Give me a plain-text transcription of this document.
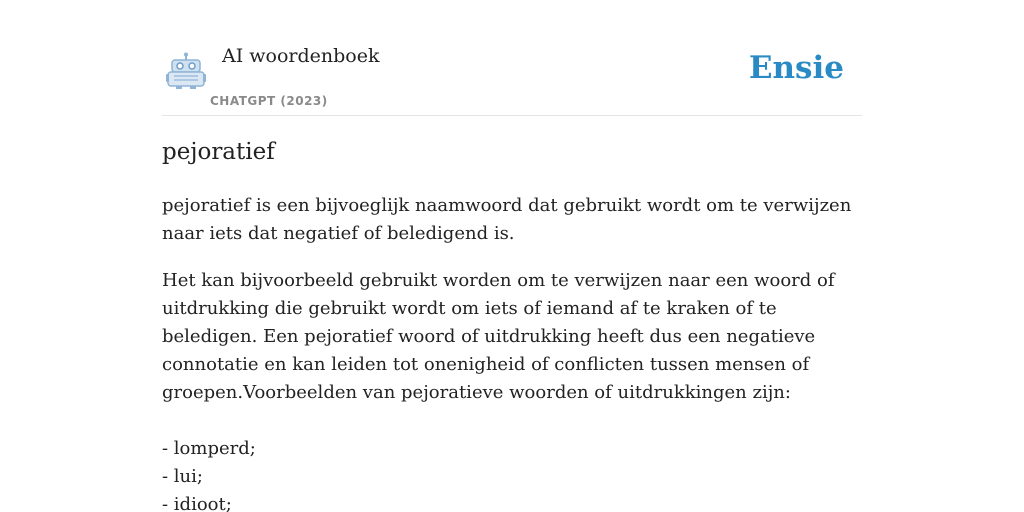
AI woordenboek
CHATGPT (2023)
Ensie
pejoratief

pejoratief is een bijvoeglijk naamwoord dat gebruikt wordt om te verwijzen naar iets dat negatief of beledigend is.

Het kan bijvoorbeeld gebruikt worden om te verwijzen naar een woord of uitdrukking die gebruikt wordt om iets of iemand af te kraken of te beledigen. Een pejoratief woord of uitdrukking heeft dus een negatieve connotatie en kan leiden tot onenigheid of conflicten tussen mensen of groepen.Voorbeelden van pejoratieve woorden of uitdrukkingen zijn:

- lomperd;
- lui;
- idioot;
